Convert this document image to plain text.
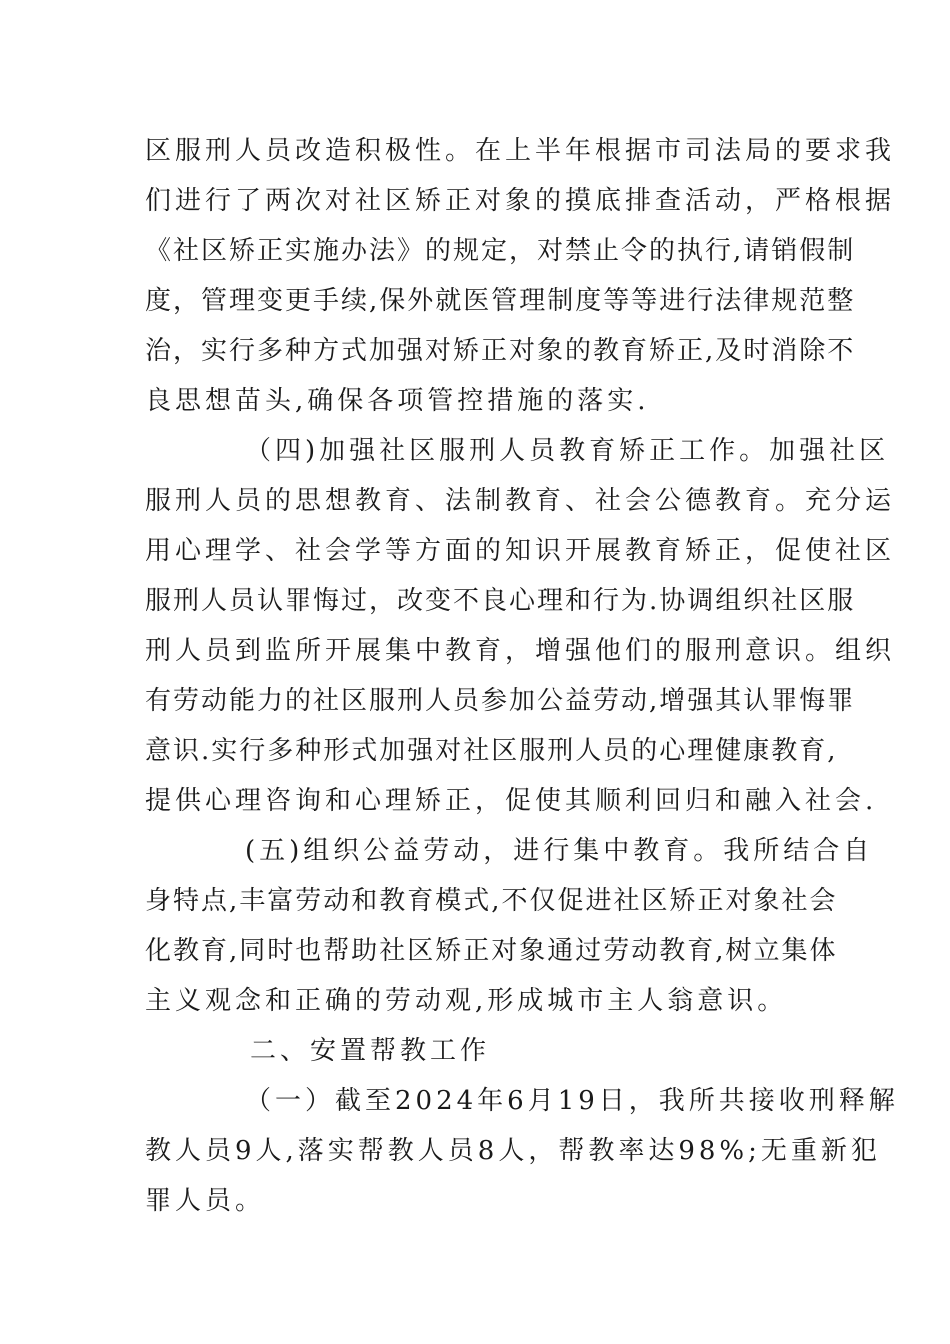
区服刑人员改造积极性。在上半年根据市司法局的要求我
们进行了两次对社区矫正对象的摸底排查活动，严格根据
《社区矫正实施办法》的规定，对禁止令的执行,请销假制
度，管理变更手续,保外就医管理制度等等进行法律规范整
治，实行多种方式加强对矫正对象的教育矫正,及时消除不
良思想苗头,确保各项管控措施的落实.
（四)加强社区服刑人员教育矫正工作。加强社区
服刑人员的思想教育、法制教育、社会公德教育。充分运
用心理学、社会学等方面的知识开展教育矫正，促使社区
服刑人员认罪悔过，改变不良心理和行为.协调组织社区服
刑人员到监所开展集中教育，增强他们的服刑意识。组织
有劳动能力的社区服刑人员参加公益劳动,增强其认罪悔罪
意识.实行多种形式加强对社区服刑人员的心理健康教育,
提供心理咨询和心理矫正，促使其顺利回归和融入社会.
(五)组织公益劳动，进行集中教育。我所结合自
身特点,丰富劳动和教育模式,不仅促进社区矫正对象社会
化教育,同时也帮助社区矫正对象通过劳动教育,树立集体
主义观念和正确的劳动观,形成城市主人翁意识。
二、安置帮教工作
（一）截至2024年6月19日，我所共接收刑释解
教人员9人,落实帮教人员8人，帮教率达98%;无重新犯
罪人员。
